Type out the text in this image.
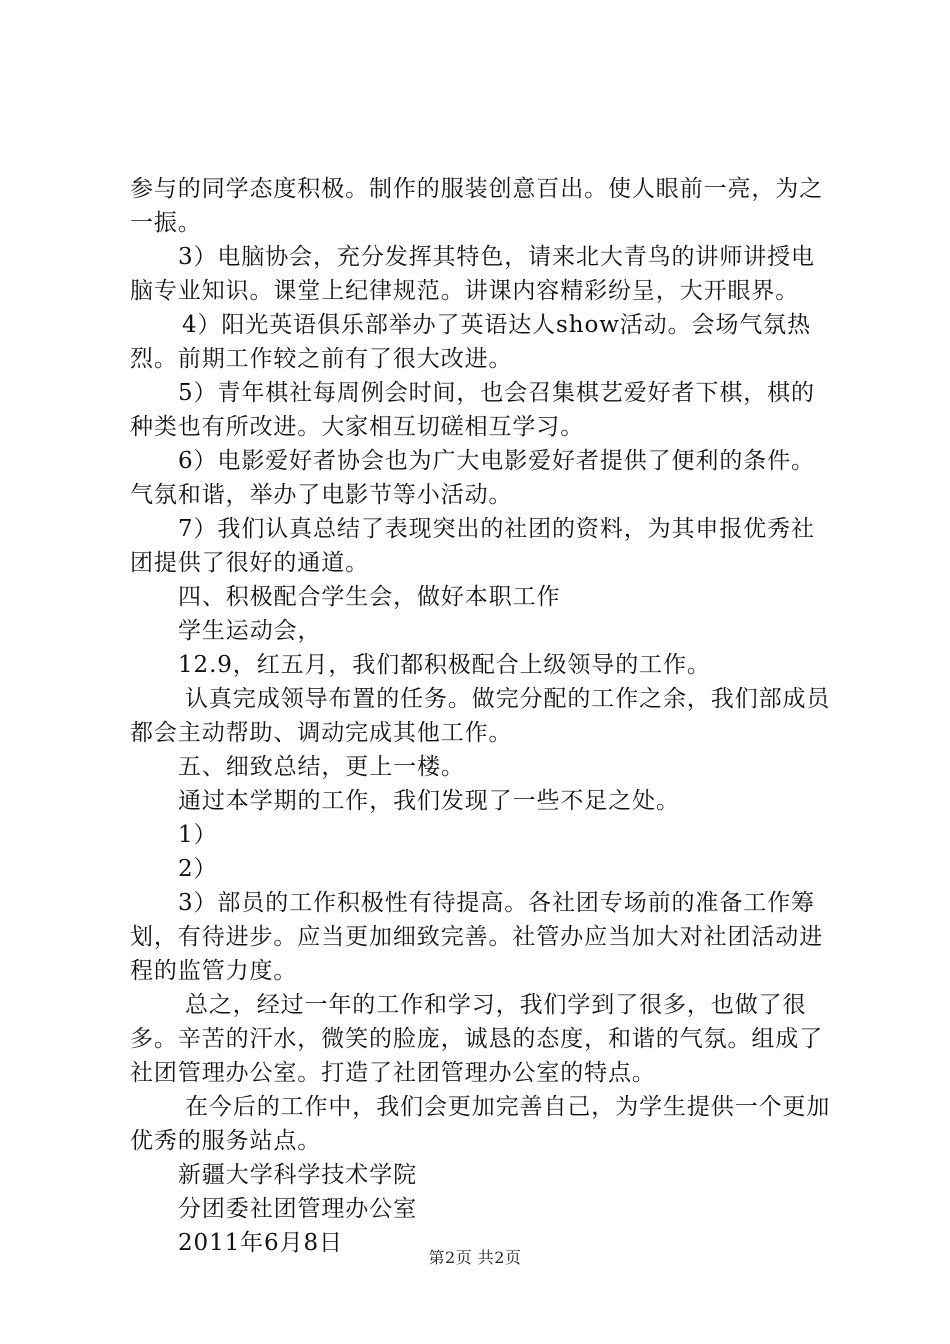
参与的同学态度积极。制作的服装创意百出。使人眼前一亮，为之一振。

3）电脑协会，充分发挥其特色，请来北大青鸟的讲师讲授电脑专业知识。课堂上纪律规范。讲课内容精彩纷呈，大开眼界。

4）阳光英语俱乐部举办了英语达人show活动。会场气氛热烈。前期工作较之前有了很大改进。

5）青年棋社每周例会时间，也会召集棋艺爱好者下棋，棋的种类也有所改进。大家相互切磋相互学习。

6）电影爱好者协会也为广大电影爱好者提供了便利的条件。气氛和谐，举办了电影节等小活动。

7）我们认真总结了表现突出的社团的资料，为其申报优秀社团提供了很好的通道。

四、积极配合学生会，做好本职工作

学生运动会，

12.9，红五月，我们都积极配合上级领导的工作。

认真完成领导布置的任务。做完分配的工作之余，我们部成员都会主动帮助、调动完成其他工作。

五、细致总结，更上一楼。

通过本学期的工作，我们发现了一些不足之处。

1）

2）

3）部员的工作积极性有待提高。各社团专场前的准备工作筹划，有待进步。应当更加细致完善。社管办应当加大对社团活动进程的监管力度。

总之，经过一年的工作和学习，我们学到了很多，也做了很多。辛苦的汗水，微笑的脸庞，诚恳的态度，和谐的气氛。组成了社团管理办公室。打造了社团管理办公室的特点。

在今后的工作中，我们会更加完善自己，为学生提供一个更加优秀的服务站点。

新疆大学科学技术学院

分团委社团管理办公室

2011年6月8日

第2页 共2页
